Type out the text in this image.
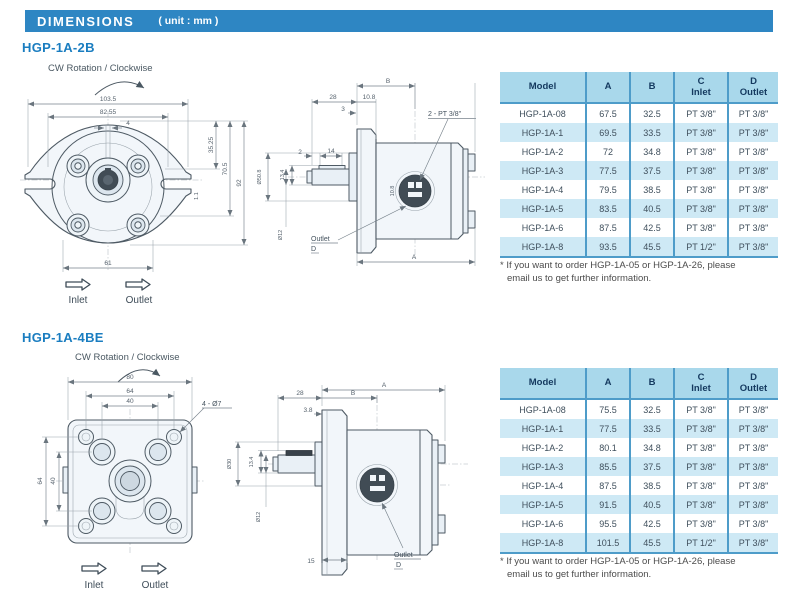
DIMENSIONS ( unit : mm )
HGP-1A-2B
HGP-1A-4BE
CW Rotation / Clockwise
103.5
82.55
4
35.25
70.5
92
1.1
61
Inlet	Outlet
10.8
2 - PT 3/8"
B
28	10.8
3
2	14
Ø50.8	13.4
Ø12
A
Outlet
D
CW Rotation / Clockwise
80
64
40	4 - Ø7
64 40
Inlet	Outlet
A
28	B
3.8
Ø30	13.4
Ø12
15
Outlet
D
Model	A	B	
C
Inlet

D
Outlet

HGP-1A-08	67.5	32.5	PT 3/8"	PT 3/8"
HGP-1A-1	69.5	33.5	PT 3/8"	PT 3/8"
HGP-1A-2	72	34.8	PT 3/8"	PT 3/8"
HGP-1A-3	77.5	37.5	PT 3/8"	PT 3/8"
HGP-1A-4	79.5	38.5	PT 3/8"	PT 3/8"
HGP-1A-5	83.5	40.5	PT 3/8"	PT 3/8"
HGP-1A-6	87.5	42.5	PT 3/8"	PT 3/8"
HGP-1A-8	93.5	45.5	PT 1/2"	PT 3/8"
* If you want to order HGP-1A-05 or HGP-1A-26, please
email us to get further information.
Model	A	B	
C
Inlet

D
Outlet

HGP-1A-08	75.5	32.5	PT 3/8"	PT 3/8"
HGP-1A-1	77.5	33.5	PT 3/8"	PT 3/8"
HGP-1A-2	80.1	34.8	PT 3/8"	PT 3/8"
HGP-1A-3	85.5	37.5	PT 3/8"	PT 3/8"
HGP-1A-4	87.5	38.5	PT 3/8"	PT 3/8"
HGP-1A-5	91.5	40.5	PT 3/8"	PT 3/8"
HGP-1A-6	95.5	42.5	PT 3/8"	PT 3/8"
HGP-1A-8	101.5	45.5	PT 1/2"	PT 3/8"
* If you want to order HGP-1A-05 or HGP-1A-26, please
email us to get further information.
